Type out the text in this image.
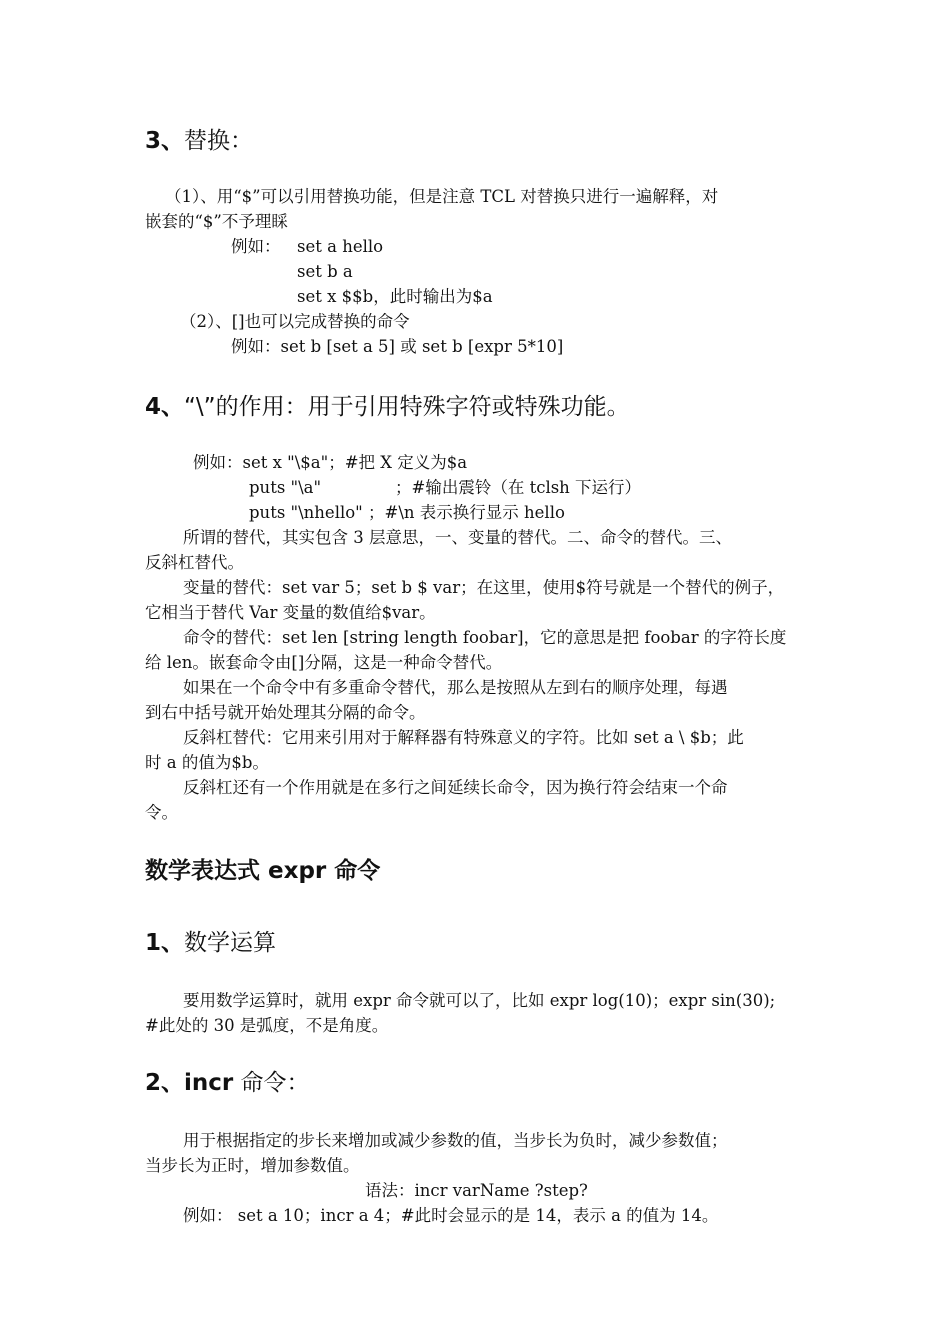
3、替换：
（1）、用“$”可以引用替换功能，但是注意 TCL 对替换只进行一遍解释，对
嵌套的“$”不予理睬
例如： set a hello
set b a
set x $$b，此时输出为$a
（2）、[]也可以完成替换的命令
例如：set b [set a 5] 或 set b [expr 5*10]
4、“\”的作用：用于引用特殊字符或特殊功能。
例如：set x "\$a"；#把 X 定义为$a
puts "\a"	；#输出震铃（在 tclsh 下运行）
puts "\nhello" ；#\n 表示换行显示 hello
所谓的替代，其实包含 3 层意思，一、变量的替代。二、命令的替代。三、
反斜杠替代。
变量的替代：set var 5；set b $ var；在这里，使用$符号就是一个替代的例子，
它相当于替代 Var 变量的数值给$var。
命令的替代：set len [string length foobar]，它的意思是把 foobar 的字符长度
给 len。嵌套命令由[]分隔，这是一种命令替代。
如果在一个命令中有多重命令替代，那么是按照从左到右的顺序处理，每遇
到右中括号就开始处理其分隔的命令。
反斜杠替代：它用来引用对于解释器有特殊意义的字符。比如 set a \ $b；此
时 a 的值为$b。
反斜杠还有一个作用就是在多行之间延续长命令，因为换行符会结束一个命
令。
数学表达式 expr 命令
1、数学运算
要用数学运算时，就用 expr 命令就可以了，比如 expr log(10)；expr sin(30);
#此处的 30 是弧度，不是角度。
2、incr 命令：
用于根据指定的步长来增加或减少参数的值，当步长为负时，减少参数值；
当步长为正时，增加参数值。
语法：incr varName ?step?
例如： set a 10；incr a 4；#此时会显示的是 14，表示 a 的值为 14。
